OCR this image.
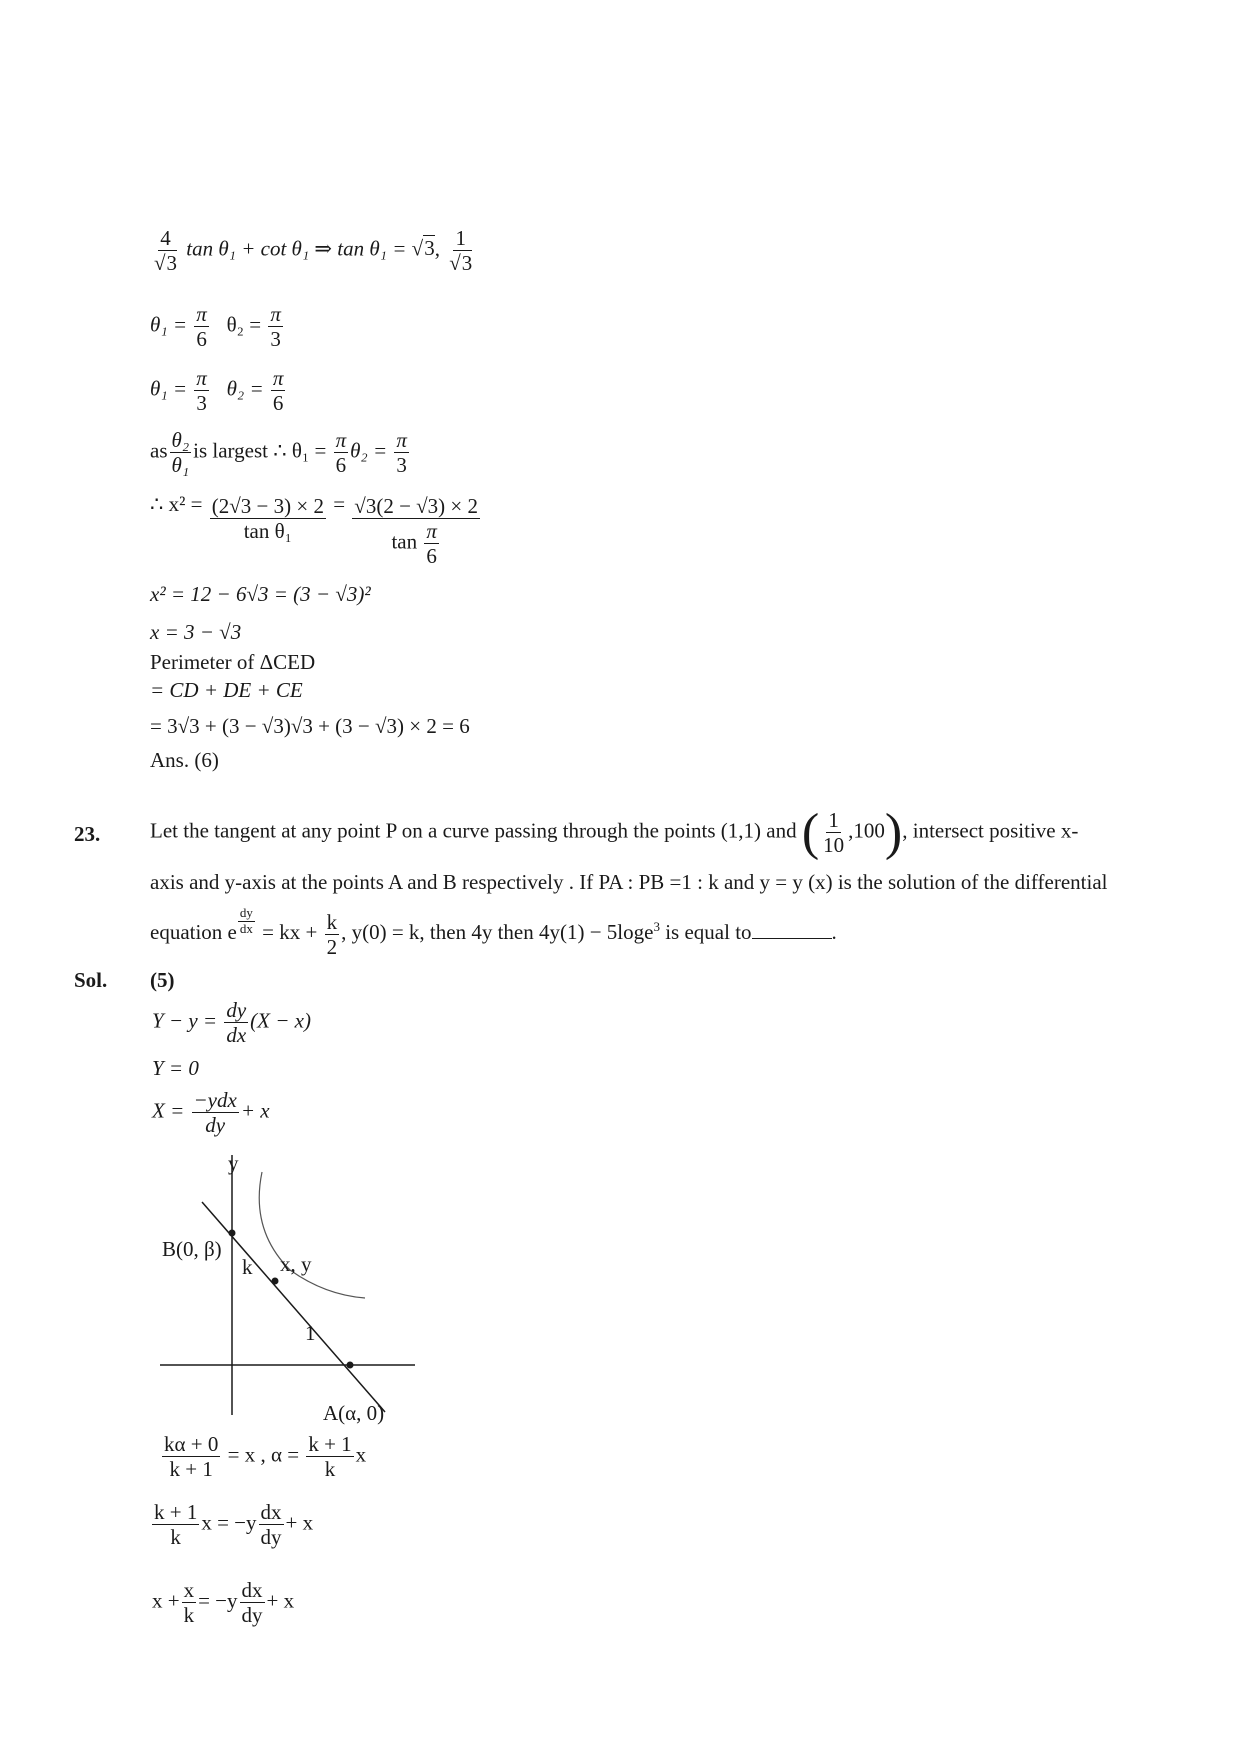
$\frac{4}{√3}$ tan θ₁ + cot θ₁ ⇒ tan θ₁ = √3, $\frac{1}{√3}$
$\theta_1 = \frac{\pi}{6} \theta_2 = \frac{\pi}{3}$
$\theta_1 = \frac{\pi}{3} \theta_2 = \frac{\pi}{6}$
as $\frac{\text{θ₂}}{\text{θ₁}}$ is largest ∴ $\theta_1 = \frac{\pi}{6} \theta_2 = \frac{\pi}{3}$
∴ $x^2 = \frac{(2√3 - 3) \times 2}{\text{tan θ₁}} = \frac{√3(2 - √3) \times 2}{\tan \frac{\pi}{6}}$
x² = 12 − 6√3 = (3 − √3)²
x = 3 − √3
Perimeter of ΔCED
= CD + DE + CE
= 3√3 + (3 − √3)√3 + (3 − √3) × 2 = 6
Ans. (6)
23. Let the tangent at any point P on a curve passing through the points (1,1) and ( $\frac{1}{10} ,100$), intersect positive x-
axis and y-axis at the points A and B respectively . If PA : PB =1 : k and y = y (x) is the solution of the differential
equation e $\frac{dy}{dx}$ = kx + $\frac{k}{2}$ , y(0) = k, then 4y then 4y(1) − 5loge$^3$ is equal to	.
Sol. (5)
$Y - y = \frac{dy}{dx} (X - x)$
Y = 0
$X = \frac{\text{−ydx}}{dy} + x$
y
B(0, β)
k x, y
1
A(α, 0)
$\frac{k\alpha + 0}{k + 1} = x$ , $\alpha = \frac{k + 1}{k}$ x
$\frac{k + 1}{k}$ $x = -y \frac{dx}{dy} + x$
$x + \frac{x}{k} = -y \frac{dx}{dy} + x$
